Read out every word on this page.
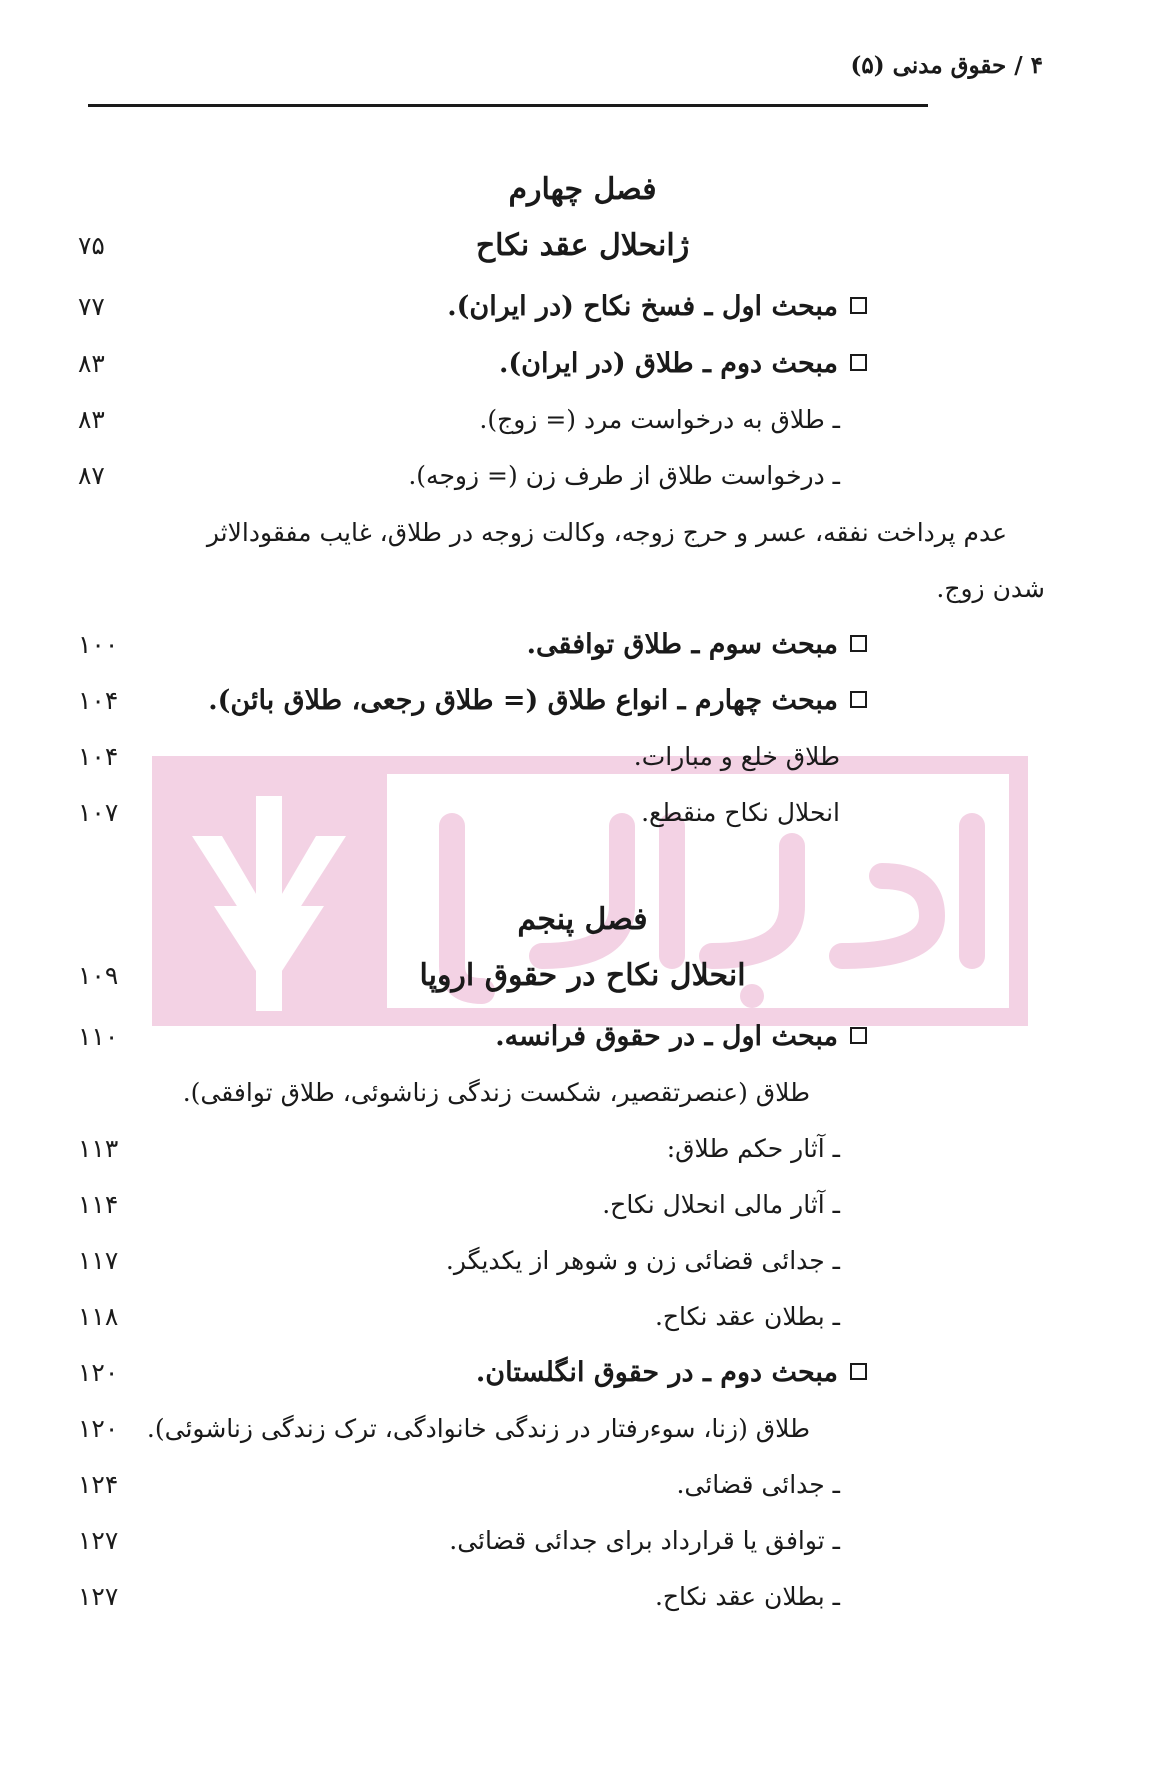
۴ / حقوق مدنی (۵)
فصل چهارم
ژانحلال عقد نکاح
۷۵
مبحث اول ـ فسخ نکاح (در ایران).
۷۷
مبحث دوم ـ طلاق (در ایران).
۸۳
ـ طلاق به درخواست مرد (= زوج).
۸۳
ـ درخواست طلاق از طرف زن (= زوجه).
۸۷
عدم پرداخت نفقه، عسر و حرج زوجه، وکالت زوجه در طلاق، غایب مفقودالاثر
شدن زوج.
مبحث سوم ـ طلاق توافقی.
۱۰۰
مبحث چهارم ـ انواع طلاق (= طلاق رجعی، طلاق بائن).
۱۰۴
طلاق خلع و مبارات.
۱۰۴
انحلال نکاح منقطع.
۱۰۷
فصل پنجم
انحلال نکاح در حقوق اروپا
۱۰۹
مبحث اول ـ در حقوق فرانسه.
۱۱۰
طلاق (عنصرتقصیر، شکست زندگی زناشوئی، طلاق توافقی).
ـ آثار حکم طلاق:
۱۱۳
ـ آثار مالی انحلال نکاح.
۱۱۴
ـ جدائی قضائی زن و شوهر از یکدیگر.
۱۱۷
ـ بطلان عقد نکاح.
۱۱۸
مبحث دوم ـ در حقوق انگلستان.
۱۲۰
طلاق (زنا، سوءرفتار در زندگی خانوادگی، ترک زندگی زناشوئی).
۱۲۰
ـ جدائی قضائی.
۱۲۴
ـ توافق یا قرارداد برای جدائی قضائی.
۱۲۷
ـ بطلان عقد نکاح.
۱۲۷
